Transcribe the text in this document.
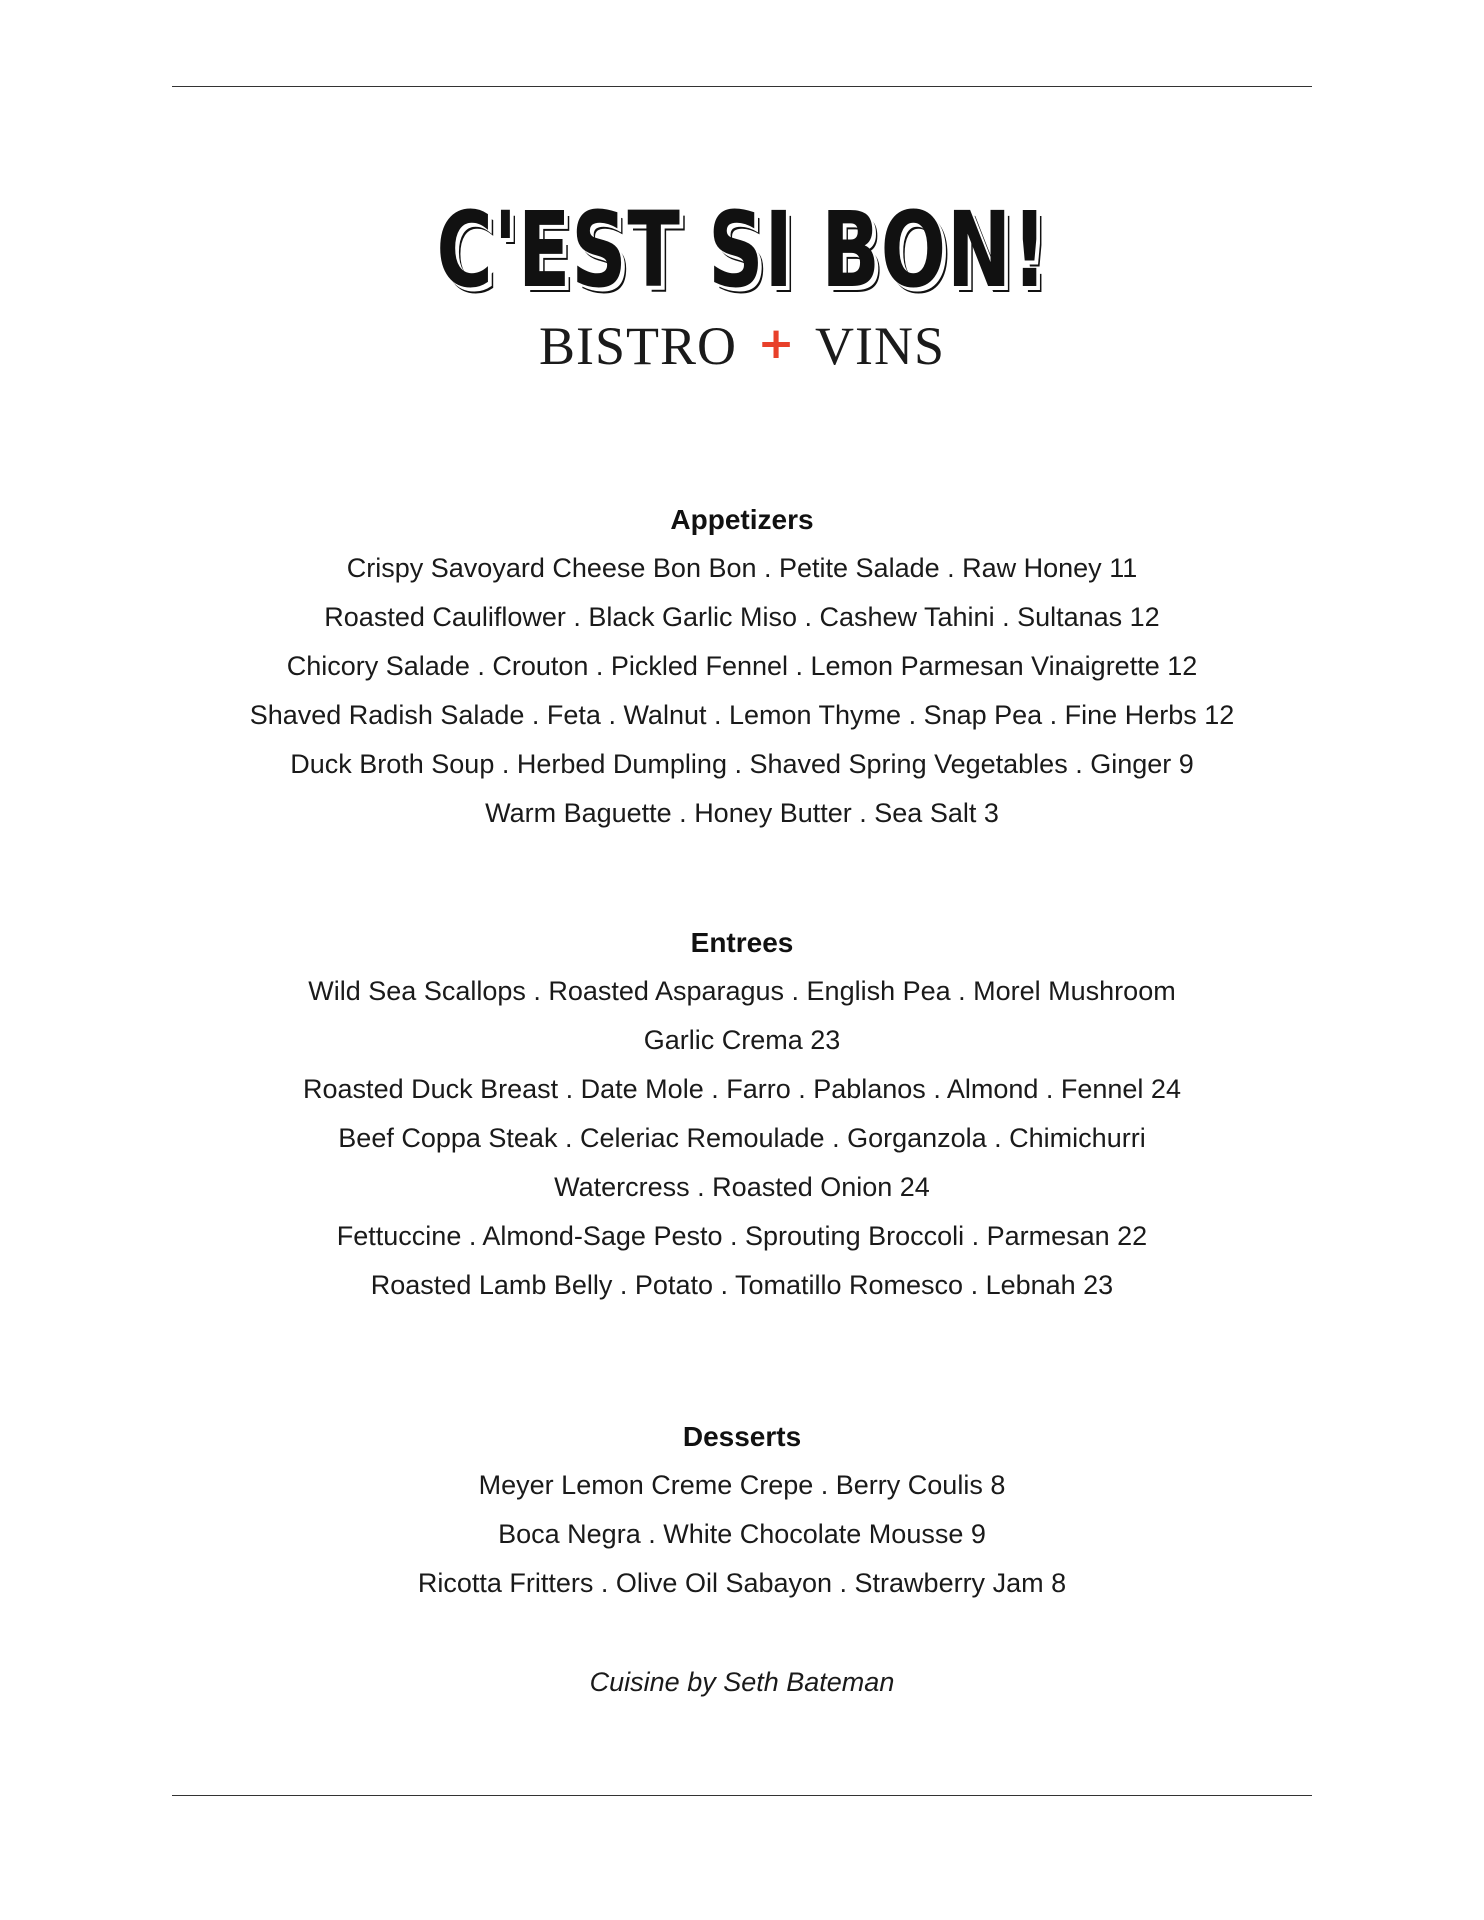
C'EST SI BON!
BISTRO + VINS

Appetizers

Crispy Savoyard Cheese Bon Bon . Petite Salade . Raw Honey 11

Roasted Cauliflower . Black Garlic Miso . Cashew Tahini . Sultanas 12

Chicory Salade . Crouton . Pickled Fennel . Lemon Parmesan Vinaigrette 12

Shaved Radish Salade . Feta . Walnut . Lemon Thyme . Snap Pea . Fine Herbs 12

Duck Broth Soup . Herbed Dumpling . Shaved Spring Vegetables . Ginger 9

Warm Baguette . Honey Butter . Sea Salt 3

Entrees

Wild Sea Scallops . Roasted Asparagus . English Pea . Morel Mushroom

Garlic Crema 23

Roasted Duck Breast . Date Mole . Farro . Pablanos . Almond . Fennel 24

Beef Coppa Steak . Celeriac Remoulade . Gorganzola . Chimichurri

Watercress . Roasted Onion 24

Fettuccine . Almond-Sage Pesto . Sprouting Broccoli . Parmesan 22

Roasted Lamb Belly . Potato . Tomatillo Romesco . Lebnah 23

Desserts

Meyer Lemon Creme Crepe . Berry Coulis 8

Boca Negra . White Chocolate Mousse 9

Ricotta Fritters . Olive Oil Sabayon . Strawberry Jam 8

Cuisine by Seth Bateman
